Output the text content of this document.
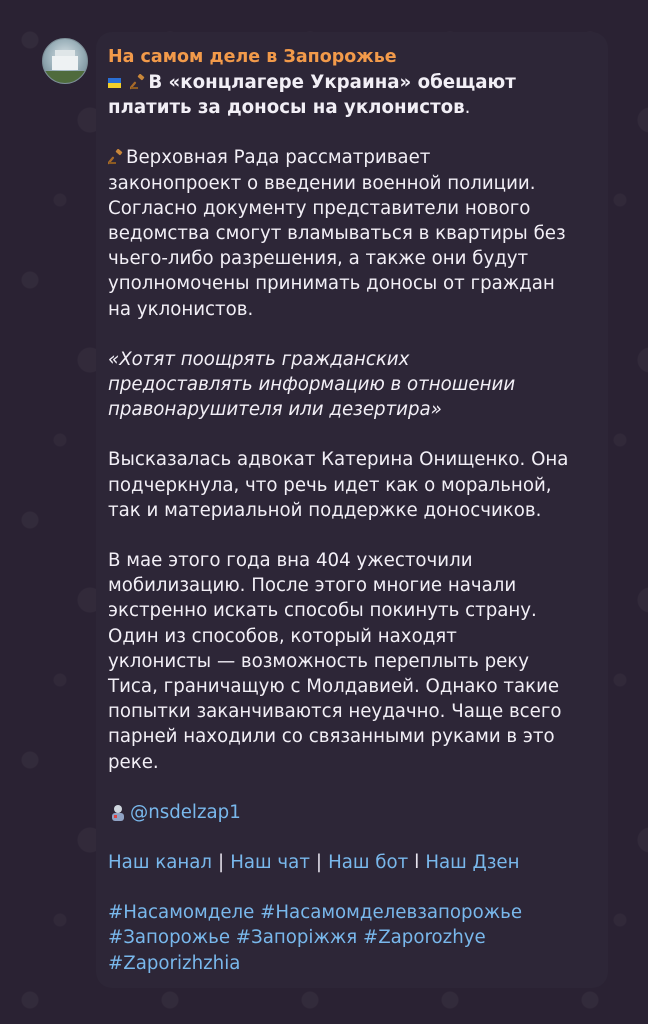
На самом деле в Запорожье
В «концлагере Украина» обещают
платить за доносы на уклонистов.
Верховная Рада рассматривает
законопроект о введении военной полиции.
Согласно документу представители нового
ведомства смогут вламываться в квартиры без
чьего-либо разрешения, а также они будут
уполномочены принимать доносы от граждан
на уклонистов.
«Хотят поощрять гражданских
предоставлять информацию в отношении
правонарушителя или дезертира»
Высказалась адвокат Катерина Онищенко. Она
подчеркнула, что речь идет как о моральной,
так и материальной поддержке доносчиков.
В мае этого года вна 404 ужесточили
мобилизацию. После этого многие начали
экстренно искать способы покинуть страну.
Один из способов, который находят
уклонисты — возможность переплыть реку
Тиса, граничащую с Молдавией. Однако такие
попытки заканчиваются неудачно. Чаще всего
парней находили со связанными руками в это
реке.
@nsdelzap1
Наш канал | Наш чат | Наш бот l Наш Дзен
#Насамомделе #Насамомделевзапорожье
#Запорожье #Запоріжжя #Zaporozhye
#Zaporizhzhia
